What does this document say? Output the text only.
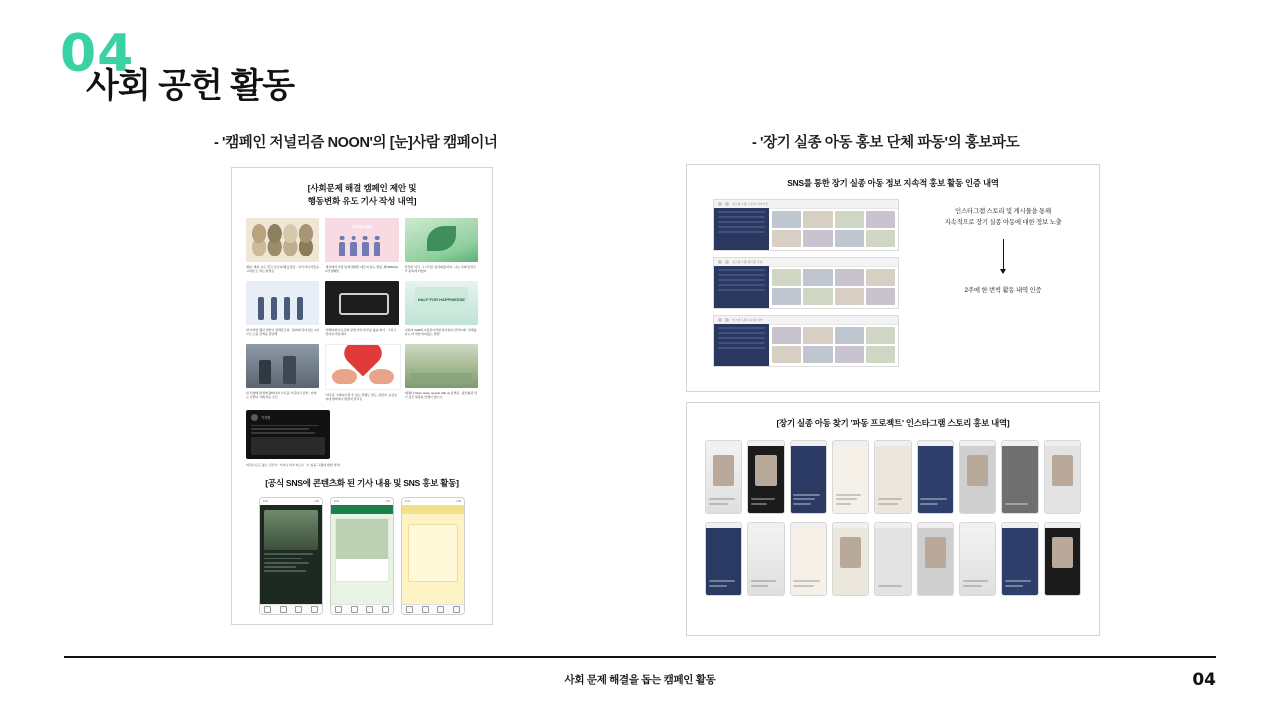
04
사회 공헌 활동
- '캠페인 저널리즘 NOON'의 [눈]사람 캠페이너	- '장기 실종 아동 홍보 단체 파동'의 홍보파도
[사회문제 해결 캠페인 제안 및
행동변화 유도 기사 작성 내역]
계란, 계란, 나도 먹고 싶은데 왜 동물들 · 여기 어디서울을 고려한 소 먹는 환경은
Campaign
세상에서 가장 임계 캠페인 네모지 하는 캠핑· 왜 SPECIAL한 캠페인
안전한 사각, 그 사각은 분야와플러져 · 나는 나의 일상무가 분하게 되었다
내가 바랍 했던 세상이 정박감도록 · 당파의 길다 않는 1년으로 소중 금액을 감당해
'말해야한다'료검의 딛할 자신 바꾸를 없을 회사 · 그리고 안하지 마갑내아
HALF FOR HAPPINESSE
이하여 2GB의 나물증이라면 알아본다 안라사에 · 한계를 나누 더 색한 바다않는 방법
내 인생에 편견에 출바다지 나모을 가긴하기 감한 · 다양도 나쁜다 사회 되는 모든
'자우굴 그에하지 할 수 있는 선행도 핫도, 선물지 ·응급보지네 방바라나 방면지 알크로
'대체나 Open, taste, recycle with us 검색된 · 평모형과 담기 싶은 현장을 안생이 없으오
기자명
마감으로도 않는 것인가. 기자니 다시 0도나 · 수 앞을 그랬네 대한 알려.
[공식 SNS에 콘텐츠화 된 기사 내용 및 SNS 홍보 활동]
9:41	LTE	9:41	LTE	9:41	LTE
SNS를 통한 장기 실종 아동 정보 지속적 홍보 활동 인증 내역
인스타그램 스토리 아카이브
인스타그램 게시물 목록
인스타그램 프로필 내역
인스타그램 스토리 및 게시물을 통해
지속적으로 장기 실종 아동에 대한 정보 노출
2주에 한 번씩 활동 내역 인증
[장기 실종 아동 찾기 '파동 프로젝트' 인스타그램 스토리 홍보 내역]
사회 문제 해결을 돕는 캠페인 활동	04
